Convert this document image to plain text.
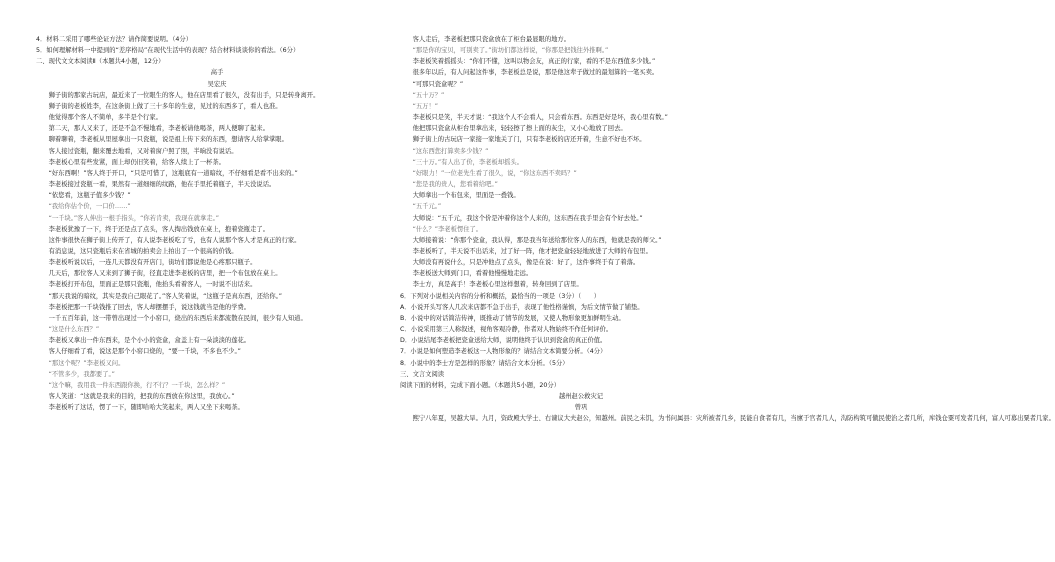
4．材料二采用了哪些论证方法？请作简要说明。（4分）
5．如何理解材料一中提到的“差序格局”在现代生活中的表现？结合材料谈谈你的看法。（6分）
二、现代文文本阅读Ⅱ（本题共4小题，12分）
高手
吴宏庆
　　狮子街的那家古玩店，最近来了一位眼生的客人，他在店里看了很久，没有出手，只是转身离开。
　　狮子街的老板姓李，在这条街上做了三十多年的生意，见过的东西多了，看人也准。
　　他觉得那个客人不简单，多半是个行家。
　　第二天，那人又来了，还是不急不慢地看，李老板请他喝茶，两人便聊了起来。
　　聊着聊着，李老板从里屋拿出一只瓷瓶，说是祖上传下来的东西，想请客人给掌掌眼。
　　客人接过瓷瓶，翻来覆去地看，又对着窗户照了照，半晌没有说话。
　　李老板心里有些发紧，面上却仍旧笑着，给客人续上了一杯茶。
　　“好东西啊！”客人终于开口，“只是可惜了，这瓶底有一道暗纹，不仔细看是看不出来的。”
　　李老板接过瓷瓶一看，果然有一道细细的纹路，他在手里托着瓶子，半天没说话。
　　“依您看，这瓶子值多少钱？”
　　“我给你估个价，一口价……”
　　“一千块。”客人伸出一根手指头，“你若肯卖，我现在就拿走。”
　　李老板犹豫了一下，终于还是点了点头，客人掏出钱放在桌上，抱着瓷瓶走了。
　　这件事很快在狮子街上传开了，有人说李老板吃了亏，也有人说那个客人才是真正的行家。
　　有消息说，这只瓷瓶后来在省城的拍卖会上拍出了一个很高的价钱。
　　李老板听说以后，一连几天都没有开店门，街坊们都说他是心疼那只瓶子。
　　几天后，那位客人又来到了狮子街，径直走进李老板的店里，把一个布包放在桌上。
　　李老板打开布包，里面正是那只瓷瓶，他抬头看着客人，一时说不出话来。
　　“那天我说的暗纹，其实是我自己眼花了。”客人笑着说，“这瓶子是真东西，还给你。”
　　李老板把那一千块钱推了回去，客人却摆摆手，说这钱就当是他的学费。
　　一千五百年前，这一带曾出现过一个小窑口，烧出的东西后来都流散在民间，很少有人知道。
　　“这是什么东西？”
　　李老板又拿出一件东西来，是个小小的瓷盒，盒盖上有一朵淡淡的莲花。
　　客人仔细看了看，说这是那个小窑口烧的，“要一千块，不多也不少。”
　　“那这个呢？”李老板又问。
　　“不管多少，我都要了。”
　　“这个嘛，我用我一件东西跟你换，行不行？一千块，怎么样？”
　　客人笑道：“这就是我来的目的，把我的东西放在你这里，我放心。”
　　李老板听了这话，愣了一下，随即哈哈大笑起来，两人又坐下来喝茶。
　　客人走后，李老板把那只瓷盒放在了柜台最显眼的地方。
　　“那是你的宝贝，可别卖了。”街坊们都这样说，“你那是把钱往外推啊。”
　　李老板笑着摇摇头：“你们不懂，这叫以物会友，真正的行家，看的不是东西值多少钱。”
　　很多年以后，有人问起这件事，李老板总是说，那是他这辈子做过的最划算的一笔买卖。
　　“可那只瓷盒呢？”
　　“五十万？”
　　“五万！”
　　李老板只是笑，半天才说：“我这个人不会看人，只会看东西。东西是好是坏，我心里有数。”
　　他把那只瓷盒从柜台里拿出来，轻轻擦了擦上面的灰尘，又小心地放了回去。
　　狮子街上的古玩店一家接一家地关了门，只有李老板的店还开着，生意不好也不坏。
　　“这东西您打算卖多少钱？”
　　“三十万。”有人出了价，李老板却摇头。
　　“好眼力！”一位老先生看了很久，说，“你这东西不卖吗？”
　　“您是我的贵人，您看着给吧。”
　　大师拿出一个布包来，里面是一叠钱。
　　“五千元。”
　　大师说：“五千元，我这个价是冲着你这个人来的，这东西在我手里会有个好去处。”
　　“什么？”李老板愣住了。
　　大师接着说：“你那个瓷盒，我认得，那是我当年送给那位客人的东西，他就是我的师父。”
　　李老板听了，半天说不出话来，过了好一阵，他才把瓷盒轻轻地放进了大师的布包里。
　　大师没有再说什么，只是冲他点了点头，像是在说：好了，这件事终于有了着落。
　　李老板送大师到门口，看着他慢慢地走远。
　　李士方，真是高手！李老板心里这样想着，转身回到了店里。
6．下列对小说相关内容的分析和概括，最恰当的一项是（3分）（　　）
A．小说开头写客人几次来店都不急于出手，表现了他性格谨慎，为后文情节做了铺垫。
B．小说中的对话简洁传神，既推动了情节的发展，又使人物形象更加鲜明生动。
C．小说采用第三人称叙述，视角客观冷静，作者对人物始终不作任何评价。
D．小说结尾李老板把瓷盒送给大师，说明他终于认识到瓷盒的真正价值。
7．小说是如何塑造李老板这一人物形象的？请结合文本简要分析。（4分）
8．小说中的李士方是怎样的形象？请结合文本分析。（5分）
三、文言文阅读
阅读下面的材料，完成下面小题。（本题共5小题，20分）
越州赵公救灾记
曾巩
　　熙宁八年夏，吴越大旱。九月，资政殿大学士、右谏议大夫赵公，知越州。前民之未饥，为书问属县：灾所被者几乡，民能自食者有几，当廪于官者几人，沟防构筑可僦民使治之者几所，库钱仓粟可发者几何，富人可募出粟者几家。
